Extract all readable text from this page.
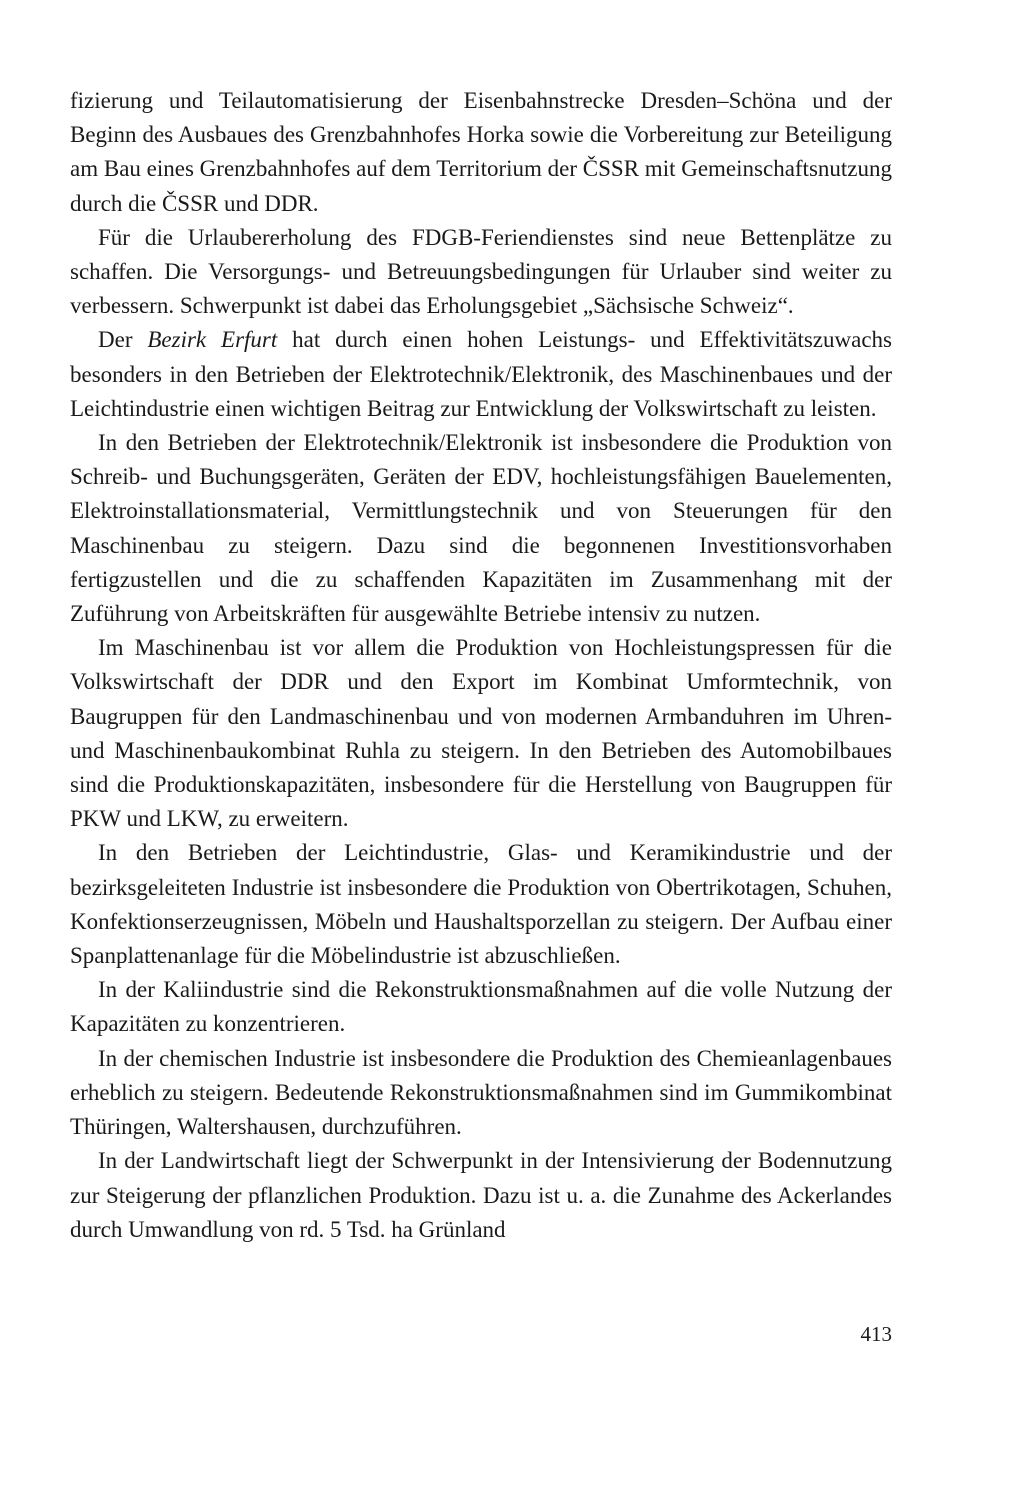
fizierung und Teilautomatisierung der Eisenbahnstrecke Dresden–Schöna und der Beginn des Ausbaues des Grenzbahnhofes Horka sowie die Vorbereitung zur Beteiligung am Bau eines Grenzbahnhofes auf dem Territorium der ČSSR mit Gemeinschaftsnutzung durch die ČSSR und DDR.

Für die Urlaubererholung des FDGB-Feriendienstes sind neue Bettenplätze zu schaffen. Die Versorgungs- und Betreuungsbedingungen für Urlauber sind weiter zu verbessern. Schwerpunkt ist dabei das Erholungsgebiet „Sächsische Schweiz“.

Der Bezirk Erfurt hat durch einen hohen Leistungs- und Effektivitätszuwachs besonders in den Betrieben der Elektrotechnik/Elektronik, des Maschinenbaues und der Leichtindustrie einen wichtigen Beitrag zur Entwicklung der Volkswirtschaft zu leisten.

In den Betrieben der Elektrotechnik/Elektronik ist insbesondere die Produktion von Schreib- und Buchungsgeräten, Geräten der EDV, hochleistungsfähigen Bauelementen, Elektroinstallationsmaterial, Vermittlungstechnik und von Steuerungen für den Maschinenbau zu steigern. Dazu sind die begonnenen Investitionsvorhaben fertigzustellen und die zu schaffenden Kapazitäten im Zusammenhang mit der Zuführung von Arbeitskräften für ausgewählte Betriebe intensiv zu nutzen.

Im Maschinenbau ist vor allem die Produktion von Hochleistungspressen für die Volkswirtschaft der DDR und den Export im Kombinat Umformtechnik, von Baugruppen für den Landmaschinenbau und von modernen Armbanduhren im Uhren- und Maschinenbaukombinat Ruhla zu steigern. In den Betrieben des Automobilbaues sind die Produktionskapazitäten, insbesondere für die Herstellung von Baugruppen für PKW und LKW, zu erweitern.

In den Betrieben der Leichtindustrie, Glas- und Keramikindustrie und der bezirksgeleiteten Industrie ist insbesondere die Produktion von Obertrikotagen, Schuhen, Konfektionserzeugnissen, Möbeln und Haushaltsporzellan zu steigern. Der Aufbau einer Spanplattenanlage für die Möbelindustrie ist abzuschließen.

In der Kaliindustrie sind die Rekonstruktionsmaßnahmen auf die volle Nutzung der Kapazitäten zu konzentrieren.

In der chemischen Industrie ist insbesondere die Produktion des Chemieanlagenbaues erheblich zu steigern. Bedeutende Rekonstruktionsmaßnahmen sind im Gummikombinat Thüringen, Waltershausen, durchzuführen.

In der Landwirtschaft liegt der Schwerpunkt in der Intensivierung der Bodennutzung zur Steigerung der pflanzlichen Produktion. Dazu ist u. a. die Zunahme des Ackerlandes durch Umwandlung von rd. 5 Tsd. ha Grünland

413
